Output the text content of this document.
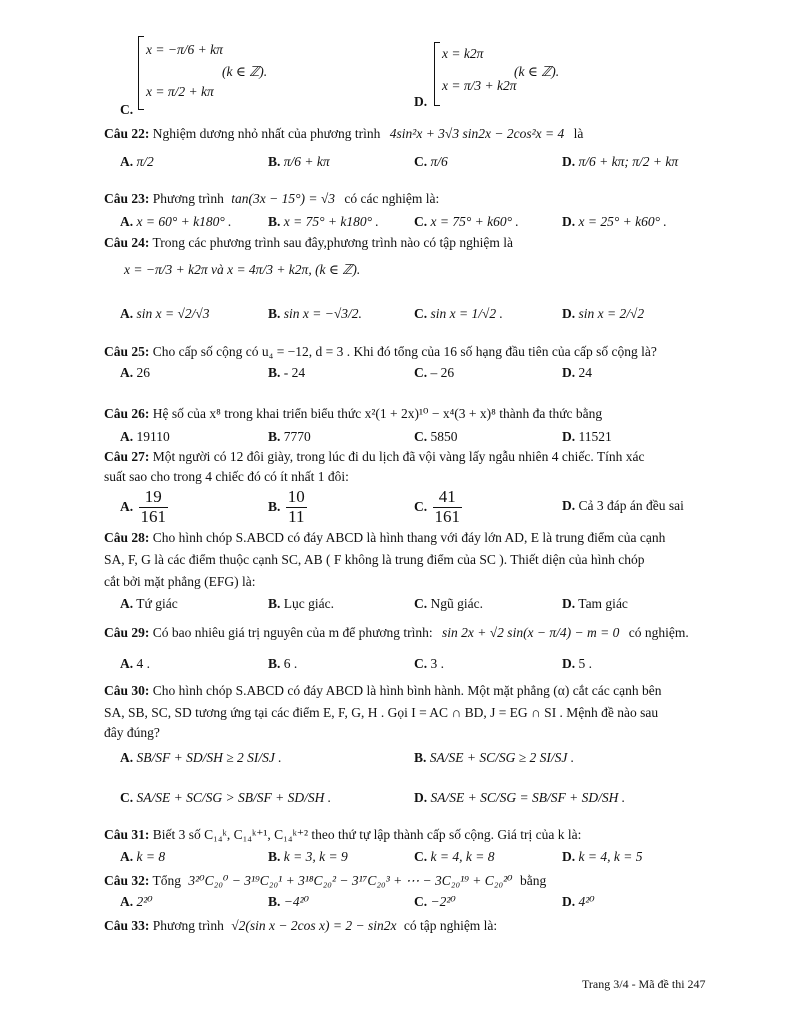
x = −π/6 + kπ
x = π/2 + kπ
(k ∈ ℤ).
C.
x = k2π
x = π/3 + k2π
(k ∈ ℤ).
D.
Câu 22: Nghiệm dương nhỏ nhất của phương trình 4sin²x + 3√3 sin2x − 2cos²x = 4 là
A. π/2	B. π/6 + kπ	C. π/6	D. π/6 + kπ; π/2 + kπ
Câu 23: Phương trình tan(3x − 15°) = √3 có các nghiệm là:
A. x = 60° + k180° .	B. x = 75° + k180° .	C. x = 75° + k60° .	D. x = 25° + k60° .
Câu 24: Trong các phương trình sau đây,phương trình nào có tập nghiệm là
x = −π/3 + k2π và x = 4π/3 + k2π, (k ∈ ℤ).
A. sin x = √2/√3	B. sin x = −√3/2.	C. sin x = 1/√2 .	D. sin x = 2/√2
Câu 25: Cho cấp số cộng có u₄ = −12, d = 3 . Khi đó tổng của 16 số hạng đầu tiên của cấp số cộng là?
A. 26	B. - 24	C. – 26	D. 24
Câu 26: Hệ số của x⁸ trong khai triển biểu thức x²(1 + 2x)¹⁰ − x⁴(3 + x)⁸ thành đa thức bằng
A. 19110	B. 7770	C. 5850	D. 11521
Câu 27: Một người có 12 đôi giày, trong lúc đi du lịch đã vội vàng lấy ngẫu nhiên 4 chiếc. Tính xác
suất sao cho trong 4 chiếc đó có ít nhất 1 đôi:
A. $\frac{19}{161}$	B. $\frac{10}{11}$	C. $\frac{41}{161}$	D. Cả 3 đáp án đều sai
Câu 28: Cho hình chóp S.ABCD có đáy ABCD là hình thang với đáy lớn AD, E là trung điểm của cạnh
SA, F, G là các điểm thuộc cạnh SC, AB ( F không là trung điểm của SC ). Thiết diện của hình chóp
cắt bởi mặt phẳng (EFG) là:
A. Tứ giác	B. Lục giác.	C. Ngũ giác.	D. Tam giác
Câu 29: Có bao nhiêu giá trị nguyên của m để phương trình: sin 2x + √2 sin(x − π/4) − m = 0 có nghiệm.
A. 4 .	B. 6 .	C. 3 .	D. 5 .
Câu 30: Cho hình chóp S.ABCD có đáy ABCD là hình bình hành. Một mặt phẳng (α) cắt các cạnh bên
SA, SB, SC, SD tương ứng tại các điểm E, F, G, H . Gọi I = AC ∩ BD, J = EG ∩ SI . Mệnh đề nào sau
đây đúng?
A. SB/SF + SD/SH ≥ 2 SI/SJ .	B. SA/SE + SC/SG ≥ 2 SI/SJ .
C. SA/SE + SC/SG > SB/SF + SD/SH .	D. SA/SE + SC/SG = SB/SF + SD/SH .
Câu 31: Biết 3 số C₁₄ᵏ, C₁₄ᵏ⁺¹, C₁₄ᵏ⁺² theo thứ tự lập thành cấp số cộng. Giá trị của k là:
A. k = 8	B. k = 3, k = 9	C. k = 4, k = 8	D. k = 4, k = 5
Câu 32: Tổng 3²⁰C₂₀⁰ − 3¹⁹C₂₀¹ + 3¹⁸C₂₀² − 3¹⁷C₂₀³ + ⋯ − 3C₂₀¹⁹ + C₂₀²⁰ bằng
A. 2²⁰	B. −4²⁰	C. −2²⁰	D. 4²⁰
Câu 33: Phương trình √2(sin x − 2cos x) = 2 − sin2x có tập nghiệm là:
Trang 3/4 - Mã đề thi 247
